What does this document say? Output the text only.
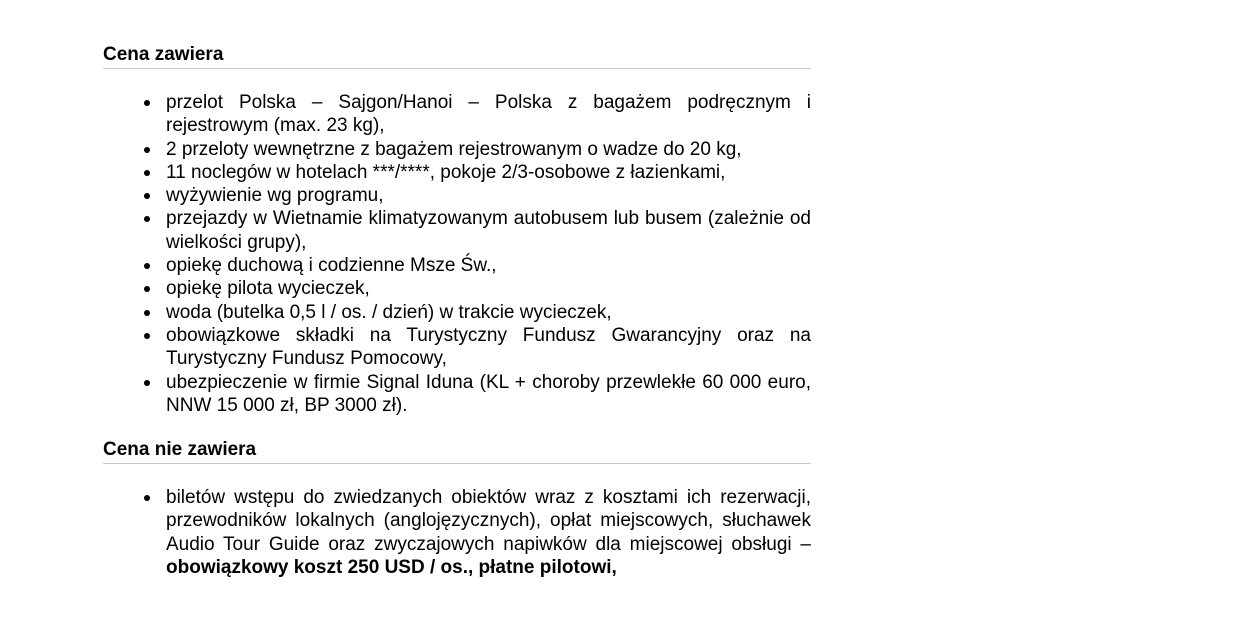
Cena zawiera
przelot Polska – Sajgon/Hanoi – Polska z bagażem podręcznym i rejestrowym (max. 23 kg),
2 przeloty wewnętrzne z bagażem rejestrowanym o wadze do 20 kg,
11 noclegów w hotelach ***/****, pokoje 2/3-osobowe z łazienkami,
wyżywienie wg programu,
przejazdy w Wietnamie klimatyzowanym autobusem lub busem (zależnie od wielkości grupy),
opiekę duchową i codzienne Msze Św.,
opiekę pilota wycieczek,
woda (butelka 0,5 l / os. / dzień) w trakcie wycieczek,
obowiązkowe składki na Turystyczny Fundusz Gwarancyjny oraz na Turystyczny Fundusz Pomocowy,
ubezpieczenie w firmie Signal Iduna (KL + choroby przewlekłe 60 000 euro, NNW 15 000 zł, BP 3000 zł).
Cena nie zawiera
biletów wstępu do zwiedzanych obiektów wraz z kosztami ich rezerwacji, przewodników lokalnych (anglojęzycznych), opłat miejscowych, słuchawek Audio Tour Guide oraz zwyczajowych napiwków dla miejscowej obsługi – obowiązkowy koszt 250 USD / os., płatne pilotowi,
